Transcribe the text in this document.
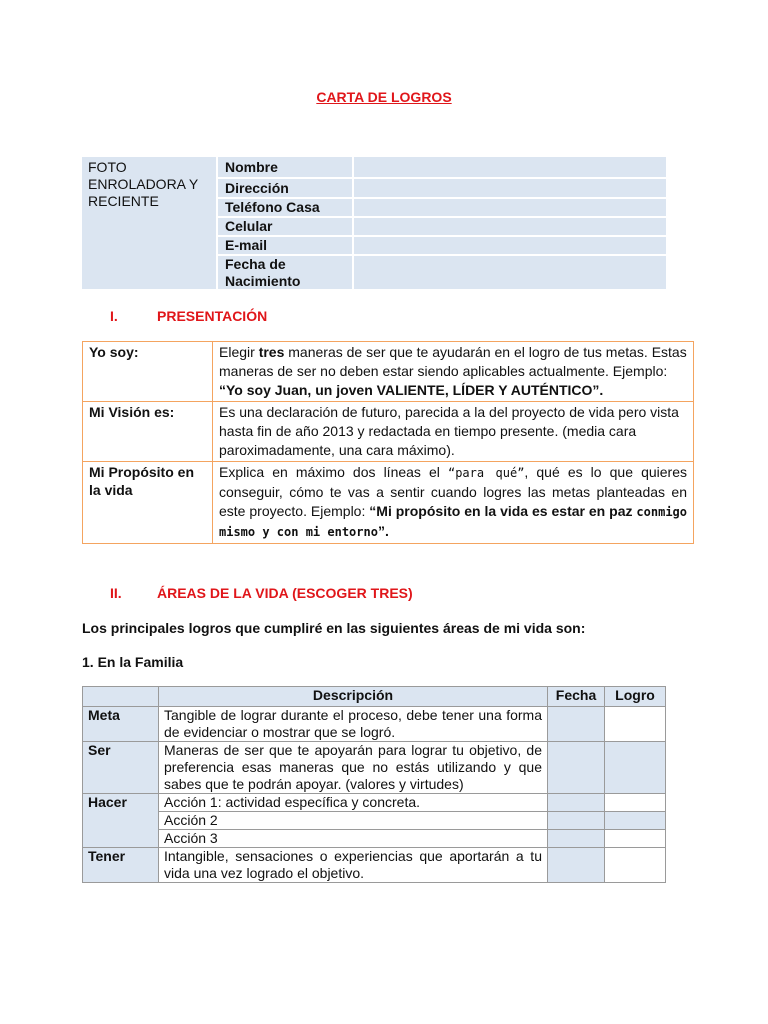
CARTA DE LOGROS
FOTO ENROLADORA Y RECIENTE
Nombre
Dirección
Teléfono Casa
Celular
E-mail
Fecha de Nacimiento
I.	PRESENTACIÓN
Yo soy:	Elegir tres maneras de ser que te ayudarán en el logro de tus metas. Estas maneras de ser no deben estar siendo aplicables actualmente. Ejemplo: “Yo soy Juan, un joven VALIENTE, LÍDER Y AUTÉNTICO”.
Mi Visión es:	Es una declaración de futuro, parecida a la del proyecto de vida pero vista hasta fin de año 2013 y redactada en tiempo presente. (media cara paroximadamente, una cara máximo).
Mi Propósito en la vida	Explica en máximo dos líneas el “para qué”, qué es lo que quieres conseguir, cómo te vas a sentir cuando logres las metas planteadas en este proyecto. Ejemplo: “Mi propósito en la vida es estar en paz conmigo mismo y con mi entorno”.
II.	ÁREAS DE LA VIDA (ESCOGER TRES)
Los principales logros que cumpliré en las siguientes áreas de mi vida son:
1. En la Familia
	Descripción	Fecha	Logro
Meta	Tangible de lograr durante el proceso, debe tener una forma de evidenciar o mostrar que se logró.		
Ser	Maneras de ser que te apoyarán para lograr tu objetivo, de preferencia esas maneras que no estás utilizando y que sabes que te podrán apoyar. (valores y virtudes)		
Hacer	Acción 1: actividad específica y concreta.		
	Acción 2		
	Acción 3		
Tener	Intangible, sensaciones o experiencias que aportarán a tu vida una vez logrado el objetivo.		
